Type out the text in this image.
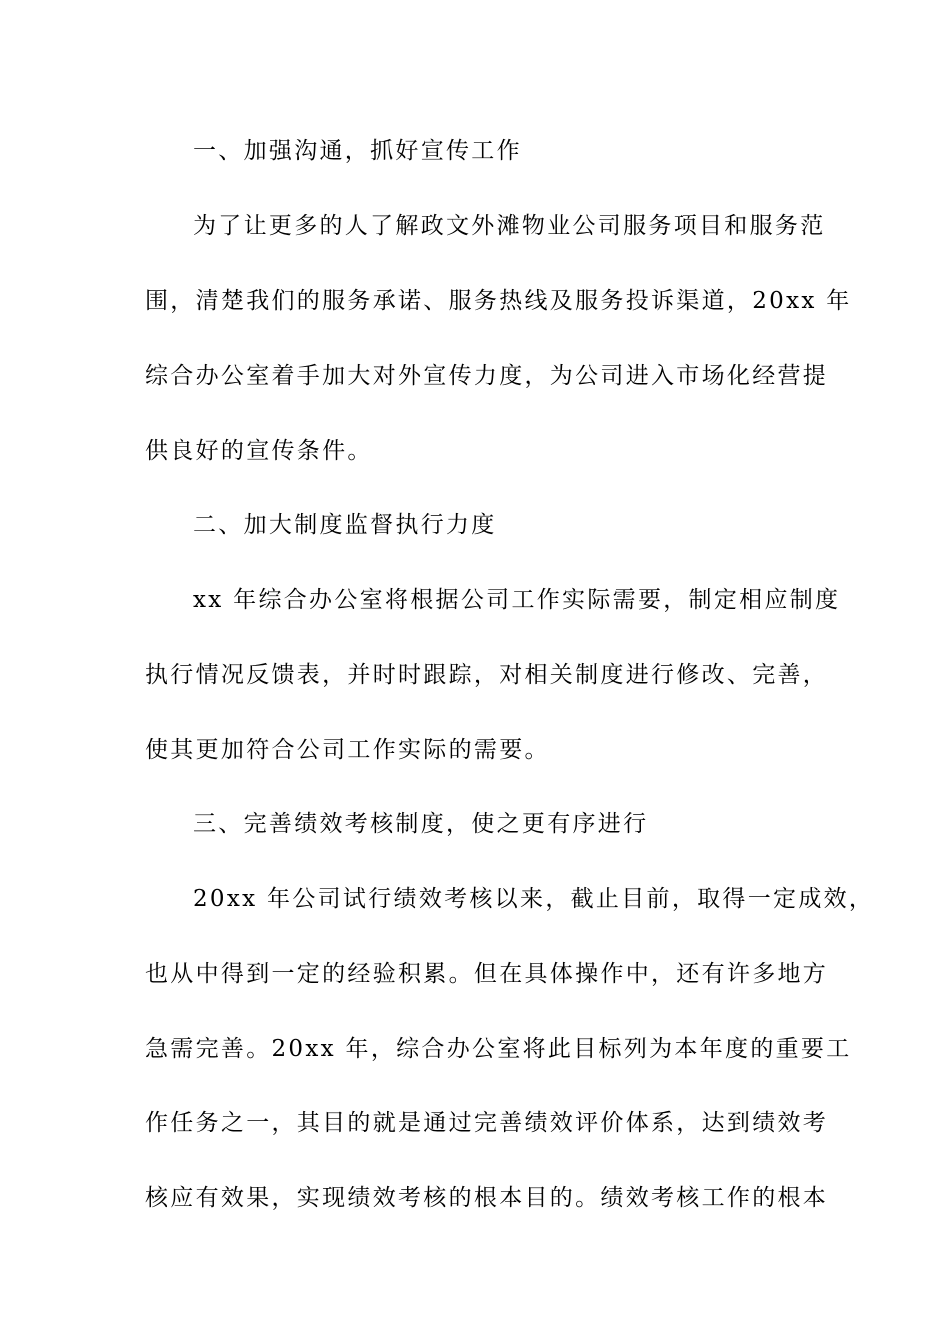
一、加强沟通，抓好宣传工作
为了让更多的人了解政文外滩物业公司服务项目和服务范
围，清楚我们的服务承诺、服务热线及服务投诉渠道，20xx 年
综合办公室着手加大对外宣传力度，为公司进入市场化经营提
供良好的宣传条件。
二、加大制度监督执行力度
xx 年综合办公室将根据公司工作实际需要，制定相应制度
执行情况反馈表，并时时跟踪，对相关制度进行修改、完善，
使其更加符合公司工作实际的需要。
三、完善绩效考核制度，使之更有序进行
20xx 年公司试行绩效考核以来，截止目前，取得一定成效，
也从中得到一定的经验积累。但在具体操作中，还有许多地方
急需完善。20xx 年，综合办公室将此目标列为本年度的重要工
作任务之一，其目的就是通过完善绩效评价体系，达到绩效考
核应有效果，实现绩效考核的根本目的。绩效考核工作的根本
